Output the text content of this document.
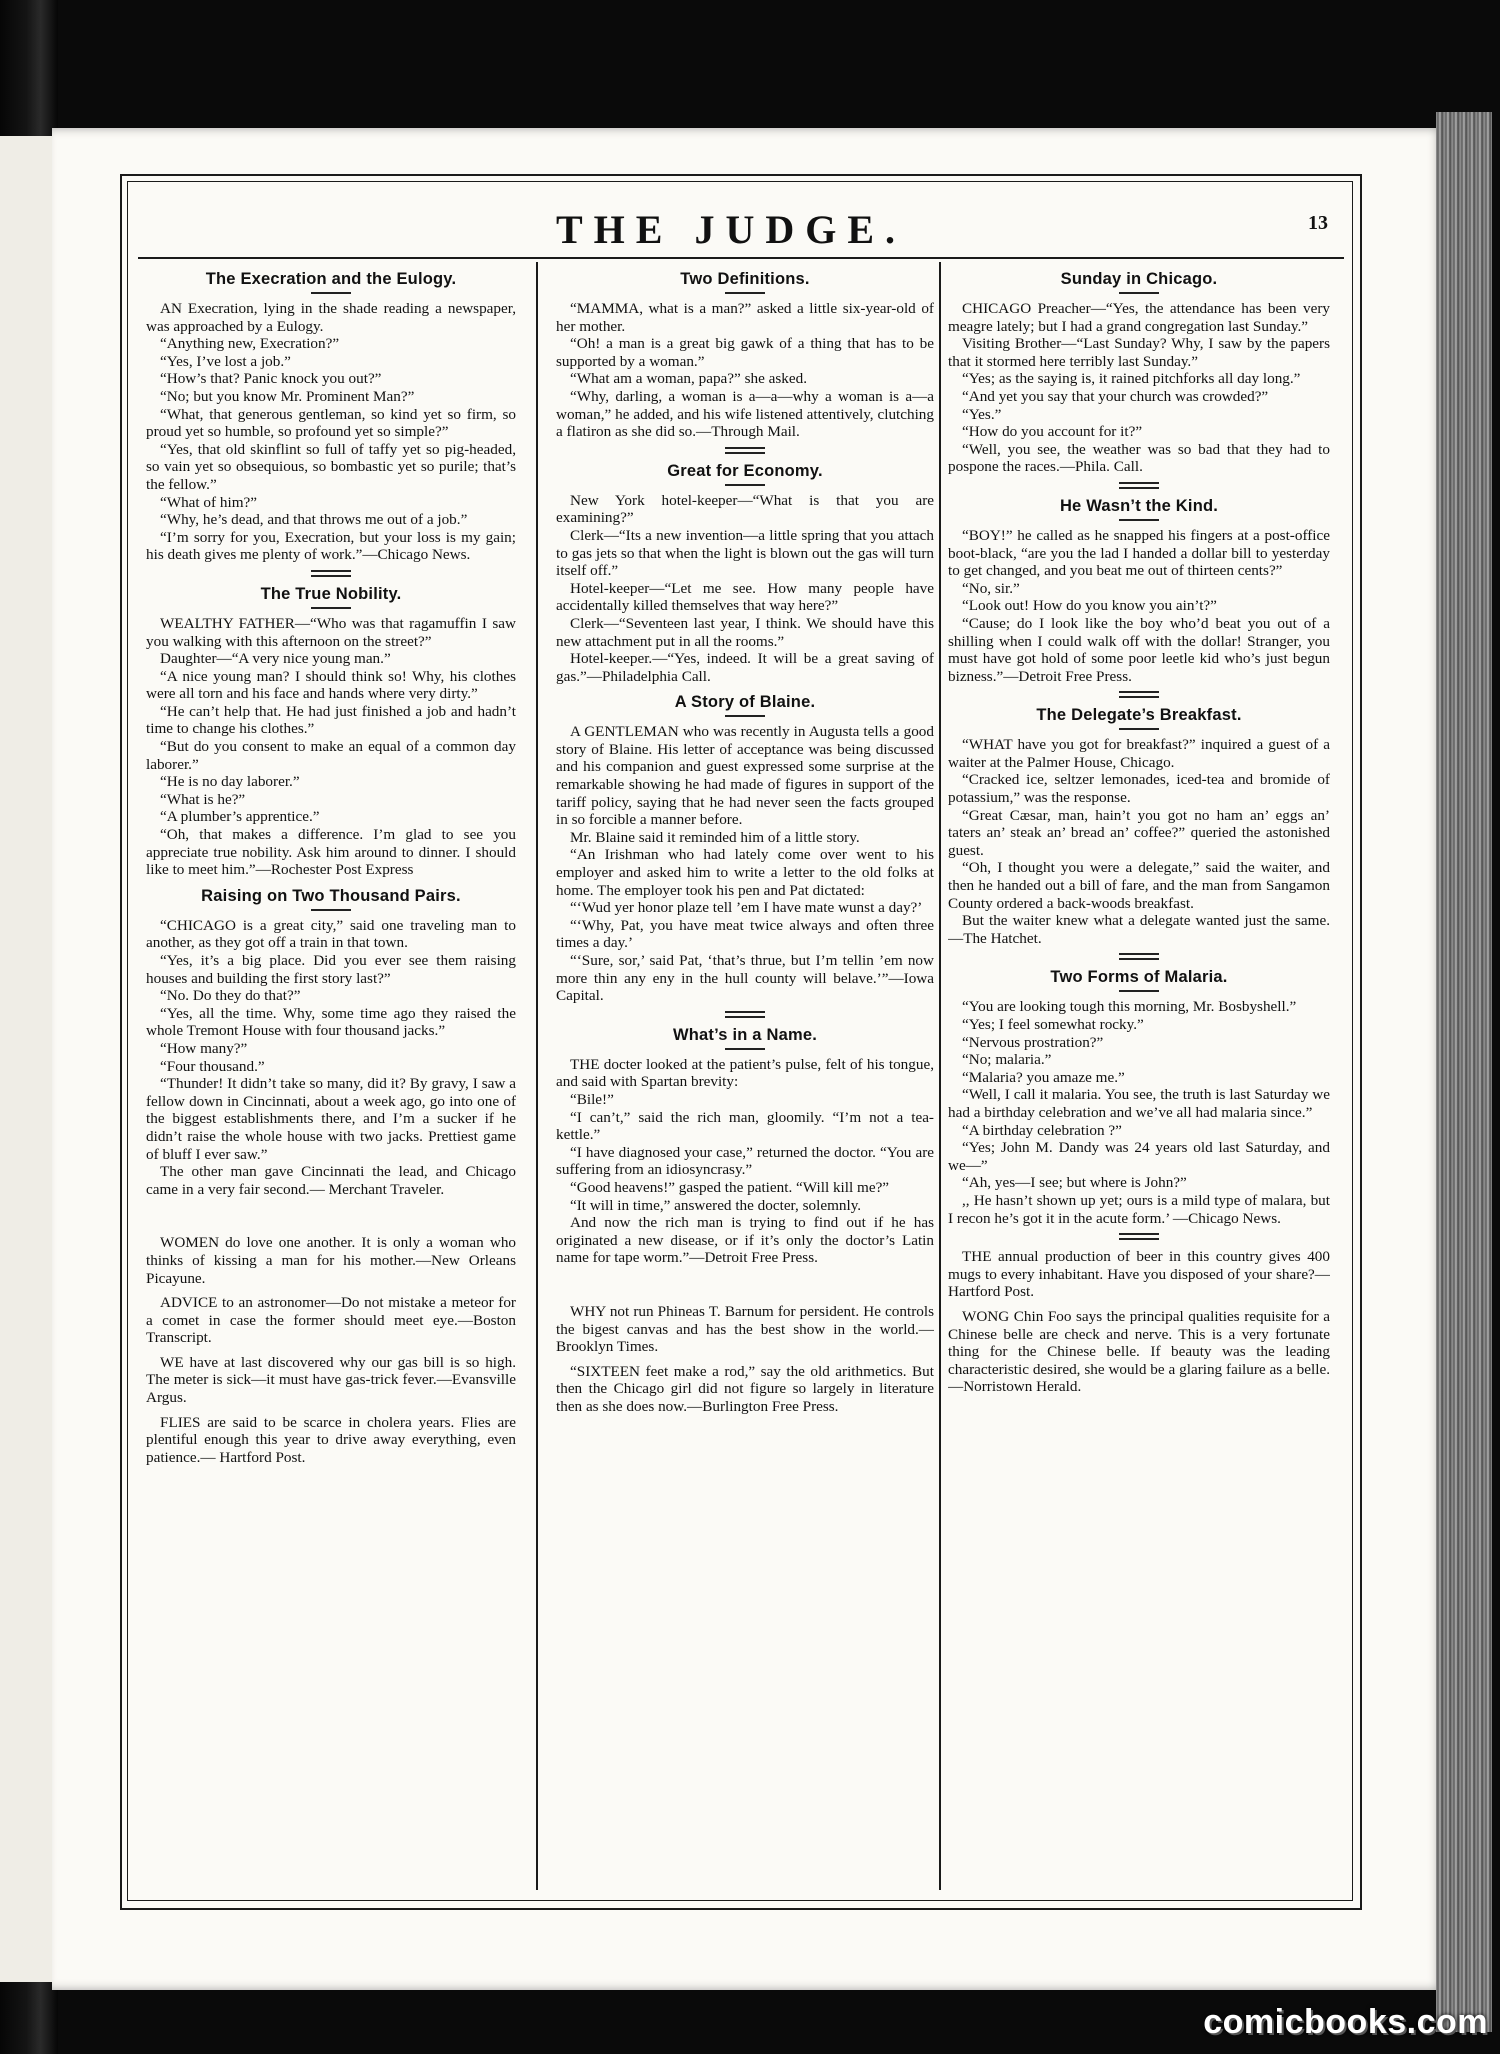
THE JUDGE.	13
The Execration and the Eulogy.

AN Execration, lying in the shade reading a newspaper, was approached by a Eulogy.

“Anything new, Execration?”

“Yes, I’ve lost a job.”

“How’s that? Panic knock you out?”

“No; but you know Mr. Prominent Man?”

“What, that generous gentleman, so kind yet so firm, so proud yet so humble, so profound yet so simple?”

“Yes, that old skinflint so full of taffy yet so pig-headed, so vain yet so obsequious, so bombastic yet so purile; that’s the fellow.”

“What of him?”

“Why, he’s dead, and that throws me out of a job.”

“I’m sorry for you, Execration, but your loss is my gain; his death gives me plenty of work.”—Chicago News.

The True Nobility.

WEALTHY FATHER—“Who was that ragamuffin I saw you walking with this afternoon on the street?”

Daughter—“A very nice young man.”

“A nice young man? I should think so! Why, his clothes were all torn and his face and hands where very dirty.”

“He can’t help that. He had just finished a job and hadn’t time to change his clothes.”

“But do you consent to make an equal of a common day laborer.”

“He is no day laborer.”

“What is he?”

“A plumber’s apprentice.”

“Oh, that makes a difference. I’m glad to see you appreciate true nobility. Ask him around to dinner. I should like to meet him.”—Rochester Post Express

Raising on Two Thousand Pairs.

“CHICAGO is a great city,” said one traveling man to another, as they got off a train in that town.

“Yes, it’s a big place. Did you ever see them raising houses and building the first story last?”

“No. Do they do that?”

“Yes, all the time. Why, some time ago they raised the whole Tremont House with four thousand jacks.”

“How many?”

“Four thousand.”

“Thunder! It didn’t take so many, did it? By gravy, I saw a fellow down in Cincinnati, about a week ago, go into one of the biggest establishments there, and I’m a sucker if he didn’t raise the whole house with two jacks. Prettiest game of bluff I ever saw.”

The other man gave Cincinnati the lead, and Chicago came in a very fair second.— Merchant Traveler.

WOMEN do love one another. It is only a woman who thinks of kissing a man for his mother.—New Orleans Picayune.

ADVICE to an astronomer—Do not mistake a meteor for a comet in case the former should meet eye.—Boston Transcript.

WE have at last discovered why our gas bill is so high. The meter is sick—it must have gas-trick fever.—Evansville Argus.

FLIES are said to be scarce in cholera years. Flies are plentiful enough this year to drive away everything, even patience.— Hartford Post.

Two Definitions.

“MAMMA, what is a man?” asked a little six-year-old of her mother.

“Oh! a man is a great big gawk of a thing that has to be supported by a woman.”

“What am a woman, papa?” she asked.

“Why, darling, a woman is a—a—why a woman is a—a woman,” he added, and his wife listened attentively, clutching a flatiron as she did so.—Through Mail.

Great for Economy.

New York hotel-keeper—“What is that you are examining?”

Clerk—“Its a new invention—a little spring that you attach to gas jets so that when the light is blown out the gas will turn itself off.”

Hotel-keeper—“Let me see. How many people have accidentally killed themselves that way here?”

Clerk—“Seventeen last year, I think. We should have this new attachment put in all the rooms.”

Hotel-keeper.—“Yes, indeed. It will be a great saving of gas.”—Philadelphia Call.

A Story of Blaine.

A GENTLEMAN who was recently in Augusta tells a good story of Blaine. His letter of acceptance was being discussed and his companion and guest expressed some surprise at the remarkable showing he had made of figures in support of the tariff policy, saying that he had never seen the facts grouped in so forcible a manner before.

Mr. Blaine said it reminded him of a little story.

“An Irishman who had lately come over went to his employer and asked him to write a letter to the old folks at home. The employer took his pen and Pat dictated:

“‘Wud yer honor plaze tell ’em I have mate wunst a day?’

“‘Why, Pat, you have meat twice always and often three times a day.’

“‘Sure, sor,’ said Pat, ‘that’s thrue, but I’m tellin ’em now more thin any eny in the hull county will belave.’”—Iowa Capital.

What’s in a Name.

THE docter looked at the patient’s pulse, felt of his tongue, and said with Spartan brevity:

“Bile!”

“I can’t,” said the rich man, gloomily. “I’m not a tea-kettle.”

“I have diagnosed your case,” returned the doctor. “You are suffering from an idiosyncrasy.”

“Good heavens!” gasped the patient. “Will kill me?”

“It will in time,” answered the docter, solemnly.

And now the rich man is trying to find out if he has originated a new disease, or if it’s only the doctor’s Latin name for tape worm.”—Detroit Free Press.

WHY not run Phineas T. Barnum for persident. He controls the bigest canvas and has the best show in the world.—Brooklyn Times.

“SIXTEEN feet make a rod,” say the old arithmetics. But then the Chicago girl did not figure so largely in literature then as she does now.—Burlington Free Press.

Sunday in Chicago.

CHICAGO Preacher—“Yes, the attendance has been very meagre lately; but I had a grand congregation last Sunday.”

Visiting Brother—“Last Sunday? Why, I saw by the papers that it stormed here terribly last Sunday.”

“Yes; as the saying is, it rained pitchforks all day long.”

“And yet you say that your church was crowded?”

“Yes.”

“How do you account for it?”

“Well, you see, the weather was so bad that they had to pospone the races.—Phila. Call.

He Wasn’t the Kind.

“BOY!” he called as he snapped his fingers at a post-office boot-black, “are you the lad I handed a dollar bill to yesterday to get changed, and you beat me out of thirteen cents?”

“No, sir.”

“Look out! How do you know you ain’t?”

“Cause; do I look like the boy who’d beat you out of a shilling when I could walk off with the dollar! Stranger, you must have got hold of some poor leetle kid who’s just begun bizness.”—Detroit Free Press.

The Delegate’s Breakfast.

“WHAT have you got for breakfast?” inquired a guest of a waiter at the Palmer House, Chicago.

“Cracked ice, seltzer lemonades, iced-tea and bromide of potassium,” was the response.

“Great Cæsar, man, hain’t you got no ham an’ eggs an’ taters an’ steak an’ bread an’ coffee?” queried the astonished guest.

“Oh, I thought you were a delegate,” said the waiter, and then he handed out a bill of fare, and the man from Sangamon County ordered a back-woods breakfast.

But the waiter knew what a delegate wanted just the same.—The Hatchet.

Two Forms of Malaria.

“You are looking tough this morning, Mr. Bosbyshell.”

“Yes; I feel somewhat rocky.”

“Nervous prostration?”

“No; malaria.”

“Malaria? you amaze me.”

“Well, I call it malaria. You see, the truth is last Saturday we had a birthday celebration and we’ve all had malaria since.”

“A birthday celebration ?”

“Yes; John M. Dandy was 24 years old last Saturday, and we—”

“Ah, yes—I see; but where is John?”

,, He hasn’t shown up yet; ours is a mild type of malara, but I recon he’s got it in the acute form.’ —Chicago News.

THE annual production of beer in this country gives 400 mugs to every inhabitant. Have you disposed of your share?—Hartford Post.

WONG Chin Foo says the principal qualities requisite for a Chinese belle are check and nerve. This is a very fortunate thing for the Chinese belle. If beauty was the leading characteristic desired, she would be a glaring failure as a belle.—Norristown Herald.

comicbooks.com
